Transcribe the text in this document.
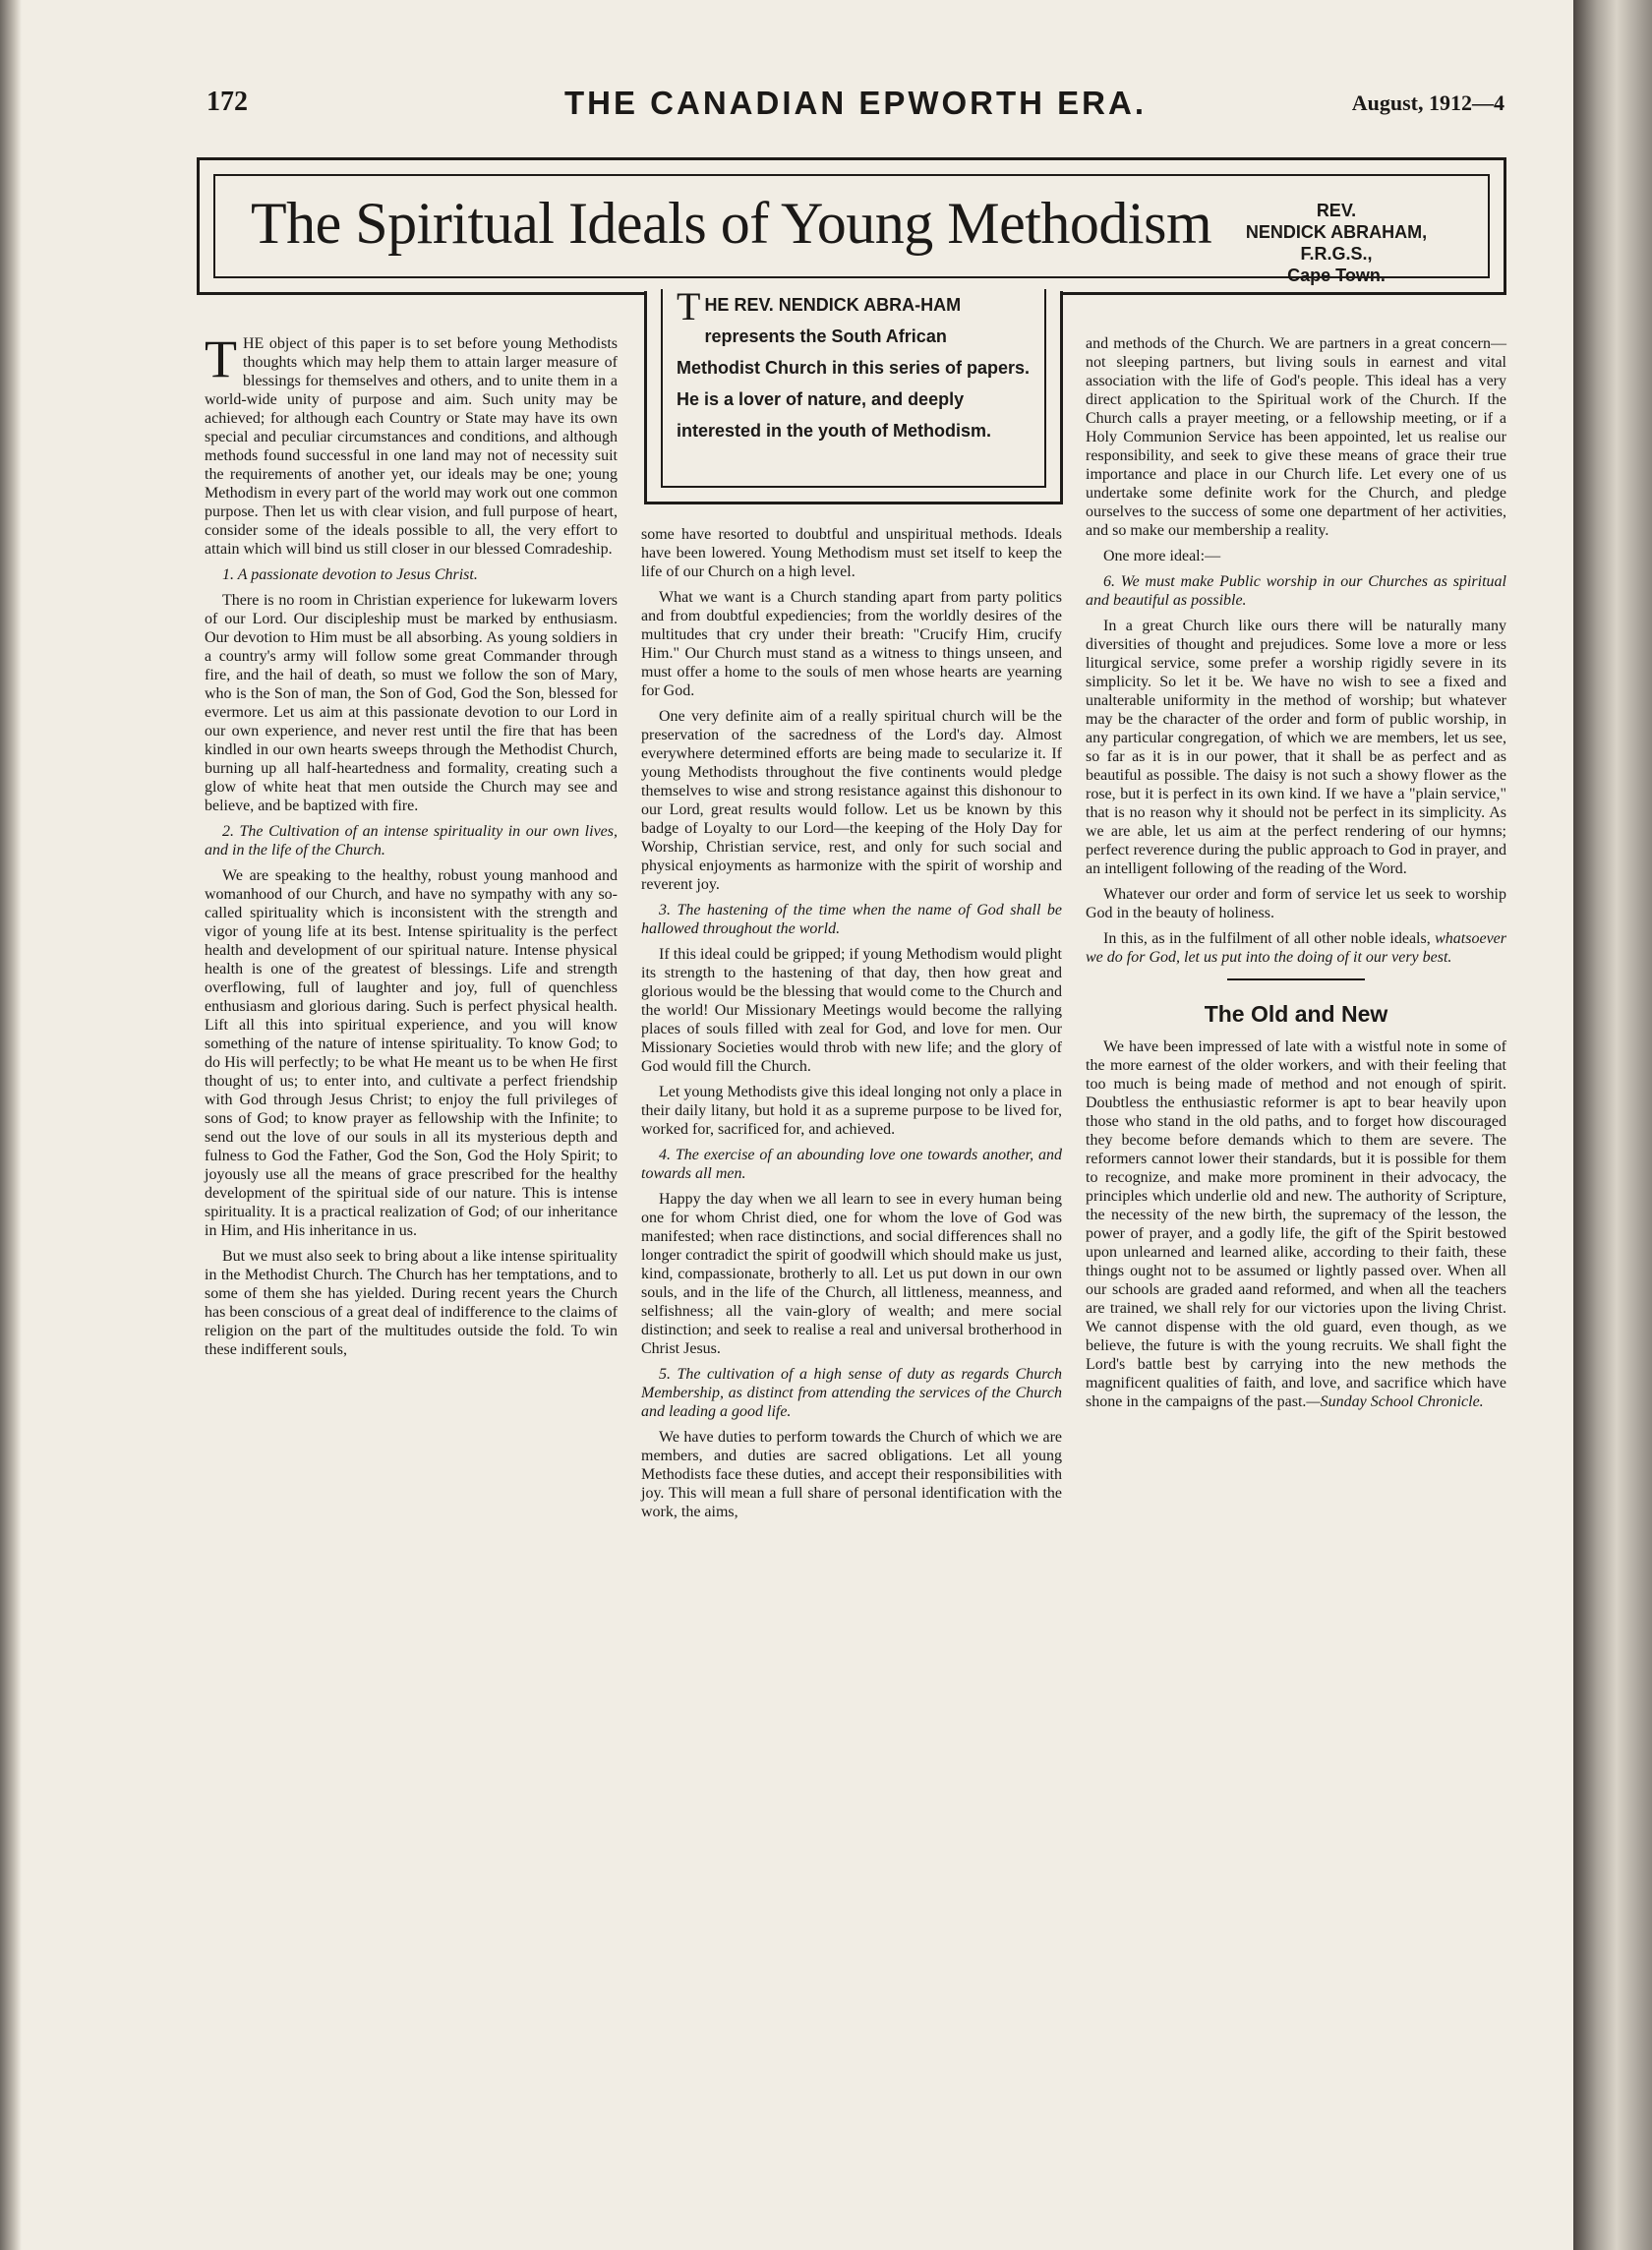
172	THE CANADIAN EPWORTH ERA.	August, 1912—4
The Spiritual Ideals of Young Methodism	REV.
NENDICK ABRAHAM, F.R.G.S.,
Cape Town.
THE REV. NENDICK ABRA-HAM represents the South African Methodist Church in this series of papers. He is a lover of nature, and deeply interested in the youth of Methodism.

THE object of this paper is to set before young Methodists thoughts which may help them to attain larger measure of blessings for themselves and others, and to unite them in a world-wide unity of purpose and aim. Such unity may be achieved; for although each Country or State may have its own special and peculiar circumstances and conditions, and although methods found successful in one land may not of necessity suit the requirements of another yet, our ideals may be one; young Methodism in every part of the world may work out one common purpose. Then let us with clear vision, and full purpose of heart, consider some of the ideals possible to all, the very effort to attain which will bind us still closer in our blessed Comradeship.

1. A passionate devotion to Jesus Christ.

There is no room in Christian experience for lukewarm lovers of our Lord. Our discipleship must be marked by enthusiasm. Our devotion to Him must be all absorbing. As young soldiers in a country's army will follow some great Commander through fire, and the hail of death, so must we follow the son of Mary, who is the Son of man, the Son of God, God the Son, blessed for evermore. Let us aim at this passionate devotion to our Lord in our own experience, and never rest until the fire that has been kindled in our own hearts sweeps through the Methodist Church, burning up all half-heartedness and formality, creating such a glow of white heat that men outside the Church may see and believe, and be baptized with fire.

2. The Cultivation of an intense spirituality in our own lives, and in the life of the Church.

We are speaking to the healthy, robust young manhood and womanhood of our Church, and have no sympathy with any so-called spirituality which is inconsistent with the strength and vigor of young life at its best. Intense spirituality is the perfect health and development of our spiritual nature. Intense physical health is one of the greatest of blessings. Life and strength overflowing, full of laughter and joy, full of quenchless enthusiasm and glorious daring. Such is perfect physical health. Lift all this into spiritual experience, and you will know something of the nature of intense spirituality. To know God; to do His will perfectly; to be what He meant us to be when He first thought of us; to enter into, and cultivate a perfect friendship with God through Jesus Christ; to enjoy the full privileges of sons of God; to know prayer as fellowship with the Infinite; to send out the love of our souls in all its mysterious depth and fulness to God the Father, God the Son, God the Holy Spirit; to joyously use all the means of grace prescribed for the healthy development of the spiritual side of our nature. This is intense spirituality. It is a practical realization of God; of our inheritance in Him, and His inheritance in us.

But we must also seek to bring about a like intense spirituality in the Methodist Church. The Church has her temptations, and to some of them she has yielded. During recent years the Church has been conscious of a great deal of indifference to the claims of religion on the part of the multitudes outside the fold. To win these indifferent souls,

some have resorted to doubtful and unspiritual methods. Ideals have been lowered. Young Methodism must set itself to keep the life of our Church on a high level.

What we want is a Church standing apart from party politics and from doubtful expediencies; from the worldly desires of the multitudes that cry under their breath: "Crucify Him, crucify Him." Our Church must stand as a witness to things unseen, and must offer a home to the souls of men whose hearts are yearning for God.

One very definite aim of a really spiritual church will be the preservation of the sacredness of the Lord's day. Almost everywhere determined efforts are being made to secularize it. If young Methodists throughout the five continents would pledge themselves to wise and strong resistance against this dishonour to our Lord, great results would follow. Let us be known by this badge of Loyalty to our Lord—the keeping of the Holy Day for Worship, Christian service, rest, and only for such social and physical enjoyments as harmonize with the spirit of worship and reverent joy.

3. The hastening of the time when the name of God shall be hallowed throughout the world.

If this ideal could be gripped; if young Methodism would plight its strength to the hastening of that day, then how great and glorious would be the blessing that would come to the Church and the world! Our Missionary Meetings would become the rallying places of souls filled with zeal for God, and love for men. Our Missionary Societies would throb with new life; and the glory of God would fill the Church.

Let young Methodists give this ideal longing not only a place in their daily litany, but hold it as a supreme purpose to be lived for, worked for, sacrificed for, and achieved.

4. The exercise of an abounding love one towards another, and towards all men.

Happy the day when we all learn to see in every human being one for whom Christ died, one for whom the love of God was manifested; when race distinctions, and social differences shall no longer contradict the spirit of goodwill which should make us just, kind, compassionate, brotherly to all. Let us put down in our own souls, and in the life of the Church, all littleness, meanness, and selfishness; all the vain-glory of wealth; and mere social distinction; and seek to realise a real and universal brotherhood in Christ Jesus.

5. The cultivation of a high sense of duty as regards Church Membership, as distinct from attending the services of the Church and leading a good life.

We have duties to perform towards the Church of which we are members, and duties are sacred obligations. Let all young Methodists face these duties, and accept their responsibilities with joy. This will mean a full share of personal identification with the work, the aims,

and methods of the Church. We are partners in a great concern—not sleeping partners, but living souls in earnest and vital association with the life of God's people. This ideal has a very direct application to the Spiritual work of the Church. If the Church calls a prayer meeting, or a fellowship meeting, or if a Holy Communion Service has been appointed, let us realise our responsibility, and seek to give these means of grace their true importance and place in our Church life. Let every one of us undertake some definite work for the Church, and pledge ourselves to the success of some one department of her activities, and so make our membership a reality.

One more ideal:—

6. We must make Public worship in our Churches as spiritual and beautiful as possible.

In a great Church like ours there will be naturally many diversities of thought and prejudices. Some love a more or less liturgical service, some prefer a worship rigidly severe in its simplicity. So let it be. We have no wish to see a fixed and unalterable uniformity in the method of worship; but whatever may be the character of the order and form of public worship, in any particular congregation, of which we are members, let us see, so far as it is in our power, that it shall be as perfect and as beautiful as possible. The daisy is not such a showy flower as the rose, but it is perfect in its own kind. If we have a "plain service," that is no reason why it should not be perfect in its simplicity. As we are able, let us aim at the perfect rendering of our hymns; perfect reverence during the public approach to God in prayer, and an intelligent following of the reading of the Word.

Whatever our order and form of service let us seek to worship God in the beauty of holiness.

In this, as in the fulfilment of all other noble ideals, whatsoever we do for God, let us put into the doing of it our very best.

The Old and New

We have been impressed of late with a wistful note in some of the more earnest of the older workers, and with their feeling that too much is being made of method and not enough of spirit. Doubtless the enthusiastic reformer is apt to bear heavily upon those who stand in the old paths, and to forget how discouraged they become before demands which to them are severe. The reformers cannot lower their standards, but it is possible for them to recognize, and make more prominent in their advocacy, the principles which underlie old and new. The authority of Scripture, the necessity of the new birth, the supremacy of the lesson, the power of prayer, and a godly life, the gift of the Spirit bestowed upon unlearned and learned alike, according to their faith, these things ought not to be assumed or lightly passed over. When all our schools are graded aand reformed, and when all the teachers are trained, we shall rely for our victories upon the living Christ. We cannot dispense with the old guard, even though, as we believe, the future is with the young recruits. We shall fight the Lord's battle best by carrying into the new methods the magnificent qualities of faith, and love, and sacrifice which have shone in the campaigns of the past.—Sunday School Chronicle.
